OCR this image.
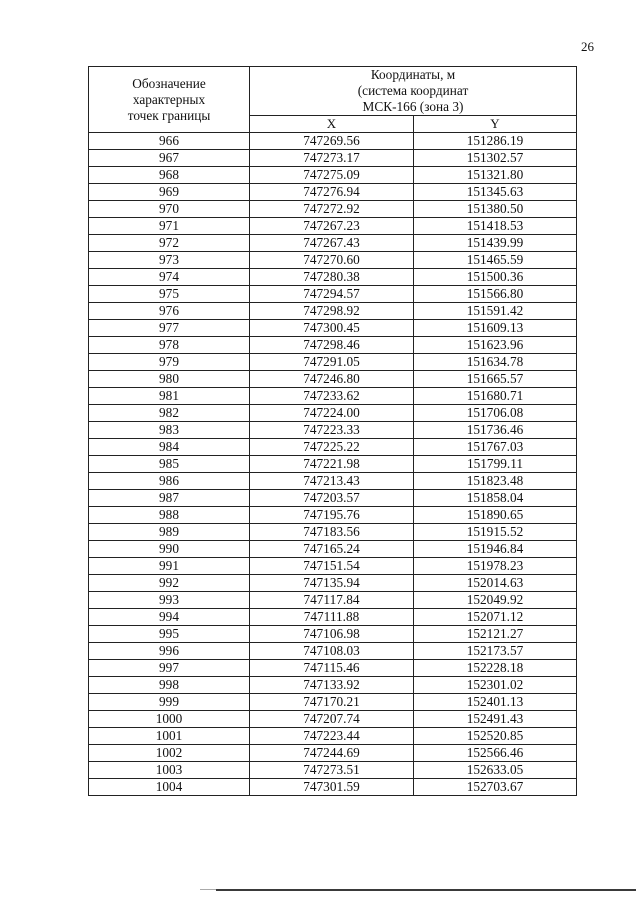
26
Обозначение
характерных
точек границы	Координаты, м
(система координат
МСК-166 (зона 3)	

	X	Y
966	747269.56	151286.19
967	747273.17	151302.57
968	747275.09	151321.80
969	747276.94	151345.63
970	747272.92	151380.50
971	747267.23	151418.53
972	747267.43	151439.99
973	747270.60	151465.59
974	747280.38	151500.36
975	747294.57	151566.80
976	747298.92	151591.42
977	747300.45	151609.13
978	747298.46	151623.96
979	747291.05	151634.78
980	747246.80	151665.57
981	747233.62	151680.71
982	747224.00	151706.08
983	747223.33	151736.46
984	747225.22	151767.03
985	747221.98	151799.11
986	747213.43	151823.48
987	747203.57	151858.04
988	747195.76	151890.65
989	747183.56	151915.52
990	747165.24	151946.84
991	747151.54	151978.23
992	747135.94	152014.63
993	747117.84	152049.92
994	747111.88	152071.12
995	747106.98	152121.27
996	747108.03	152173.57
997	747115.46	152228.18
998	747133.92	152301.02
999	747170.21	152401.13
1000	747207.74	152491.43
1001	747223.44	152520.85
1002	747244.69	152566.46
1003	747273.51	152633.05
1004	747301.59	152703.67
